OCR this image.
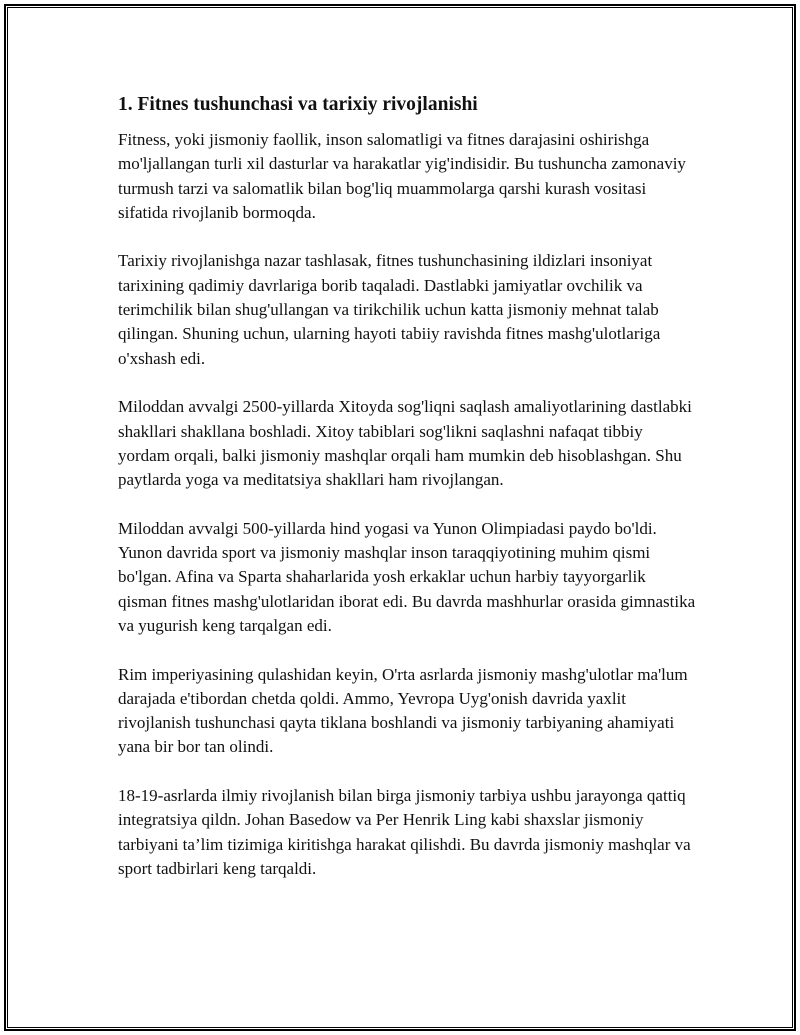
1. Fitnes tushunchasi va tarixiy rivojlanishi

Fitness, yoki jismoniy faollik, inson salomatligi va fitnes darajasini oshirishga mo'ljallangan turli xil dasturlar va harakatlar yig'indisidir. Bu tushuncha zamonaviy turmush tarzi va salomatlik bilan bog'liq muammolarga qarshi kurash vositasi sifatida rivojlanib bormoqda.

Tarixiy rivojlanishga nazar tashlasak, fitnes tushunchasining ildizlari insoniyat tarixining qadimiy davrlariga borib taqaladi. Dastlabki jamiyatlar ovchilik va terimchilik bilan shug'ullangan va tirikchilik uchun katta jismoniy mehnat talab qilingan. Shuning uchun, ularning hayoti tabiiy ravishda fitnes mashg'ulotlariga o'xshash edi.

Miloddan avvalgi 2500-yillarda Xitoyda sog'liqni saqlash amaliyotlarining dastlabki shakllari shakllana boshladi. Xitoy tabiblari sog'likni saqlashni nafaqat tibbiy yordam orqali, balki jismoniy mashqlar orqali ham mumkin deb hisoblashgan. Shu paytlarda yoga va meditatsiya shakllari ham rivojlangan.

Miloddan avvalgi 500-yillarda hind yogasi va Yunon Olimpiadasi paydo bo'ldi. Yunon davrida sport va jismoniy mashqlar inson taraqqiyotining muhim qismi bo'lgan. Afina va Sparta shaharlarida yosh erkaklar uchun harbiy tayyorgarlik qisman fitnes mashg'ulotlaridan iborat edi. Bu davrda mashhurlar orasida gimnastika va yugurish keng tarqalgan edi.

Rim imperiyasining qulashidan keyin, O'rta asrlarda jismoniy mashg'ulotlar ma'lum darajada e'tibordan chetda qoldi. Ammo, Yevropa Uyg'onish davrida yaxlit rivojlanish tushunchasi qayta tiklana boshlandi va jismoniy tarbiyaning ahamiyati yana bir bor tan olindi.

18-19-asrlarda ilmiy rivojlanish bilan birga jismoniy tarbiya ushbu jarayonga qattiq integratsiya qildn. Johan Basedow va Per Henrik Ling kabi shaxslar jismoniy tarbiyani ta’lim tizimiga kiritishga harakat qilishdi. Bu davrda jismoniy mashqlar va sport tadbirlari keng tarqaldi.
